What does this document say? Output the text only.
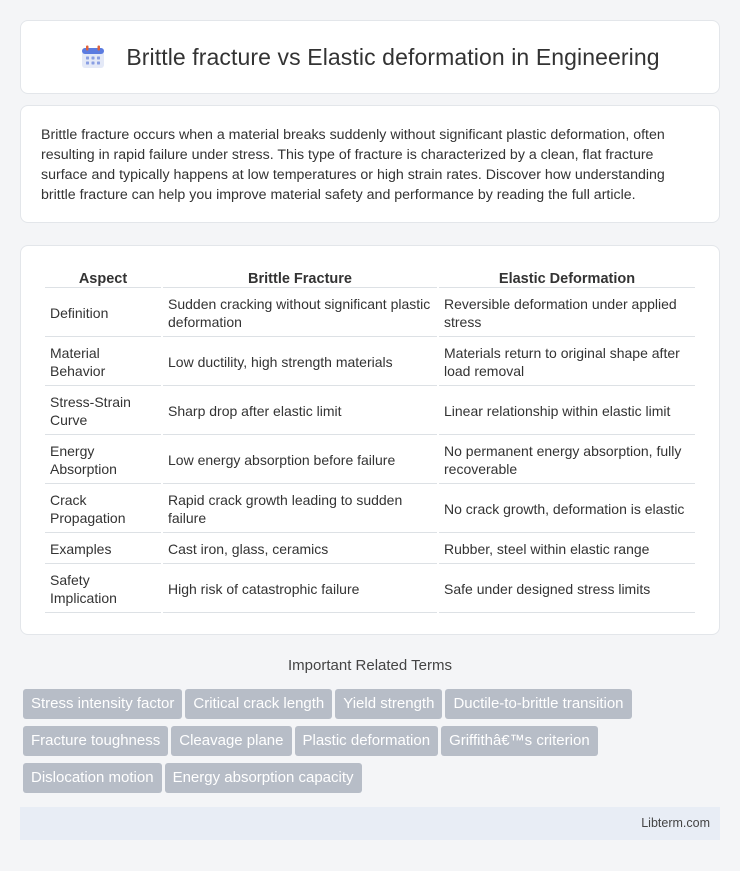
Brittle fracture vs Elastic deformation in Engineering

Brittle fracture occurs when a material breaks suddenly without significant plastic deformation, often resulting in rapid failure under stress. This type of fracture is characterized by a clean, flat fracture surface and typically happens at low temperatures or high strain rates. Discover how understanding brittle fracture can help you improve material safety and performance by reading the full article.

Aspect	Brittle Fracture	Elastic Deformation
Definition	Sudden cracking without significant plastic deformation	Reversible deformation under applied stress
Material Behavior	Low ductility, high strength materials	Materials return to original shape after load removal
Stress-Strain Curve	Sharp drop after elastic limit	Linear relationship within elastic limit
Energy Absorption	Low energy absorption before failure	No permanent energy absorption, fully recoverable
Crack Propagation	Rapid crack growth leading to sudden failure	No crack growth, deformation is elastic
Examples	Cast iron, glass, ceramics	Rubber, steel within elastic range
Safety Implication	High risk of catastrophic failure	Safe under designed stress limits
Important Related Terms
Stress intensity factor Critical crack length Yield strength Ductile-to-brittle transition
Fracture toughness Cleavage plane Plastic deformation Griffithâ€™s criterion
Dislocation motion Energy absorption capacity
Libterm.com
